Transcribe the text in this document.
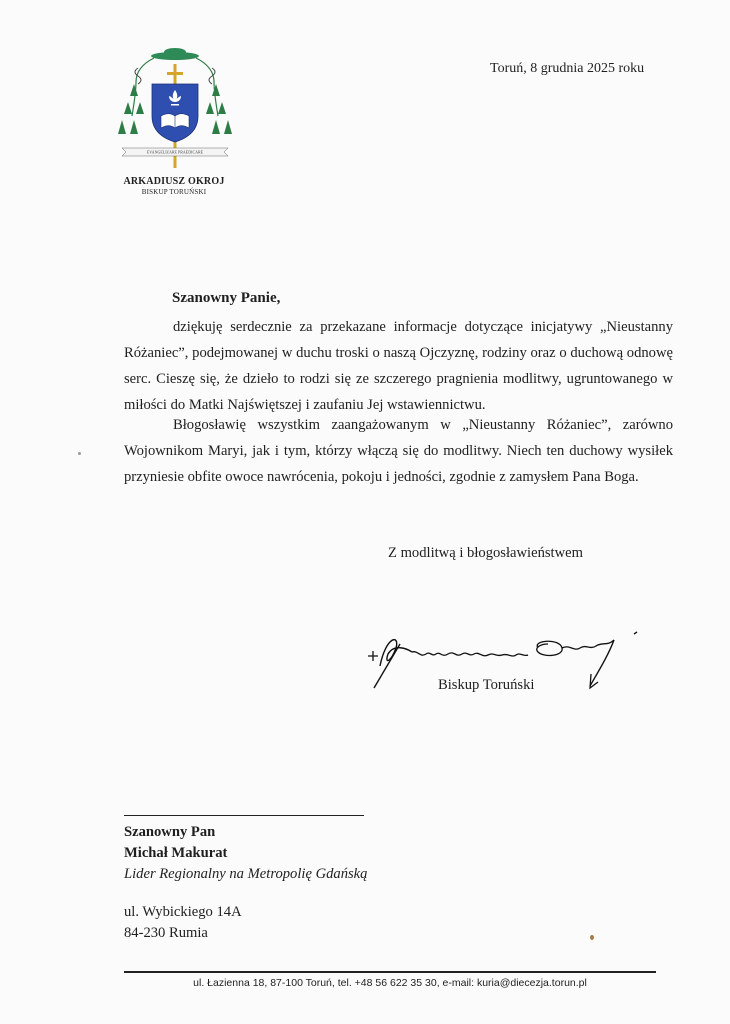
EVANGELIZARE PRAEDICARE
ARKADIUSZ OKROJ
BISKUP TORUŃSKI
Toruń, 8 grudnia 2025 roku
Szanowny Panie,

dziękuję serdecznie za przekazane informacje dotyczące inicjatywy „Nieustanny Różaniec”, podejmowanej w duchu troski o naszą Ojczyznę, rodziny oraz o duchową odnowę serc. Cieszę się, że dzieło to rodzi się ze szczerego pragnienia modlitwy, ugruntowanego w miłości do Matki Najświętszej i zaufaniu Jej wstawiennictwu.

Błogosławię wszystkim zaangażowanym w „Nieustanny Różaniec”, zarówno Wojownikom Maryi, jak i tym, którzy włączą się do modlitwy. Niech ten duchowy wysiłek przyniesie obfite owoce nawrócenia, pokoju i jedności, zgodnie z zamysłem Pana Boga.

Z modlitwą i błogosławieństwem
Biskup Toruński
Szanowny Pan
Michał Makurat
Lider Regionalny na Metropolię Gdańską
ul. Wybickiego 14A
84-230 Rumia
ul. Łazienna 18, 87-100 Toruń, tel. +48 56 622 35 30, e-mail: kuria@diecezja.torun.pl
